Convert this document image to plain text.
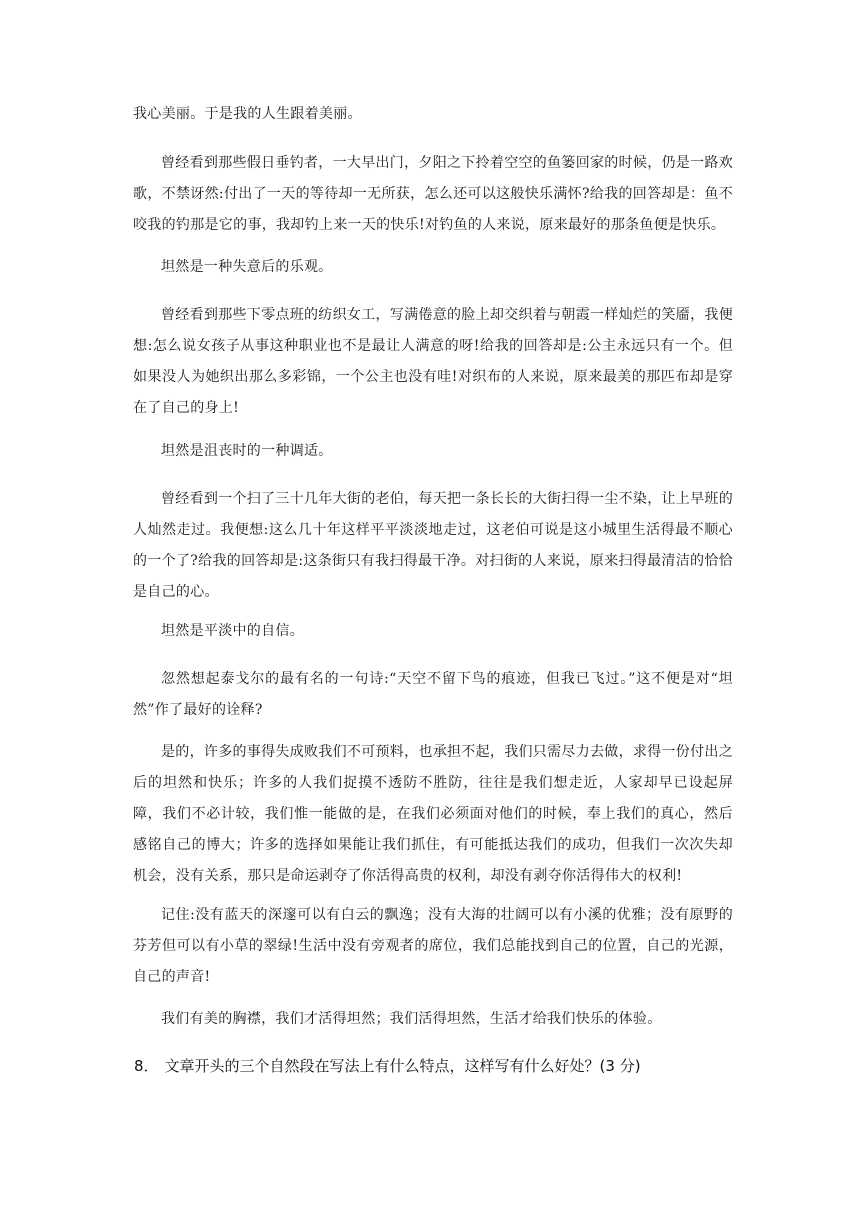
我心美丽。于是我的人生跟着美丽。

曾经看到那些假日垂钓者，一大早出门，夕阳之下拎着空空的鱼篓回家的时候，仍是一路欢歌，不禁讶然:付出了一天的等待却一无所获，怎么还可以这般快乐满怀?给我的回答却是：鱼不咬我的钓那是它的事，我却钓上来一天的快乐!对钓鱼的人来说，原来最好的那条鱼便是快乐。

坦然是一种失意后的乐观。

曾经看到那些下零点班的纺织女工，写满倦意的脸上却交织着与朝霞一样灿烂的笑靥，我便想:怎么说女孩子从事这种职业也不是最让人满意的呀!给我的回答却是:公主永远只有一个。但如果没人为她织出那么多彩锦，一个公主也没有哇!对织布的人来说，原来最美的那匹布却是穿在了自己的身上!

坦然是沮丧时的一种调适。

曾经看到一个扫了三十几年大街的老伯，每天把一条长长的大街扫得一尘不染，让上早班的人灿然走过。我便想:这么几十年这样平平淡淡地走过，这老伯可说是这小城里生活得最不顺心的一个了?给我的回答却是:这条街只有我扫得最干净。对扫街的人来说，原来扫得最清洁的恰恰是自己的心。

坦然是平淡中的自信。

忽然想起泰戈尔的最有名的一句诗:“天空不留下鸟的痕迹，但我已飞过。”这不便是对“坦然”作了最好的诠释?

是的，许多的事得失成败我们不可预料，也承担不起，我们只需尽力去做，求得一份付出之后的坦然和快乐；许多的人我们捉摸不透防不胜防，往往是我们想走近，人家却早已设起屏障，我们不必计较，我们惟一能做的是，在我们必须面对他们的时候，奉上我们的真心，然后感铭自己的博大；许多的选择如果能让我们抓住，有可能抵达我们的成功，但我们一次次失却机会，没有关系，那只是命运剥夺了你活得高贵的权利，却没有剥夺你活得伟大的权利!

记住:没有蓝天的深邃可以有白云的飘逸；没有大海的壮阔可以有小溪的优雅；没有原野的芬芳但可以有小草的翠绿!生活中没有旁观者的席位，我们总能找到自己的位置，自己的光源，自己的声音!

我们有美的胸襟，我们才活得坦然；我们活得坦然，生活才给我们快乐的体验。

8． 文章开头的三个自然段在写法上有什么特点，这样写有什么好处？(3 分)
